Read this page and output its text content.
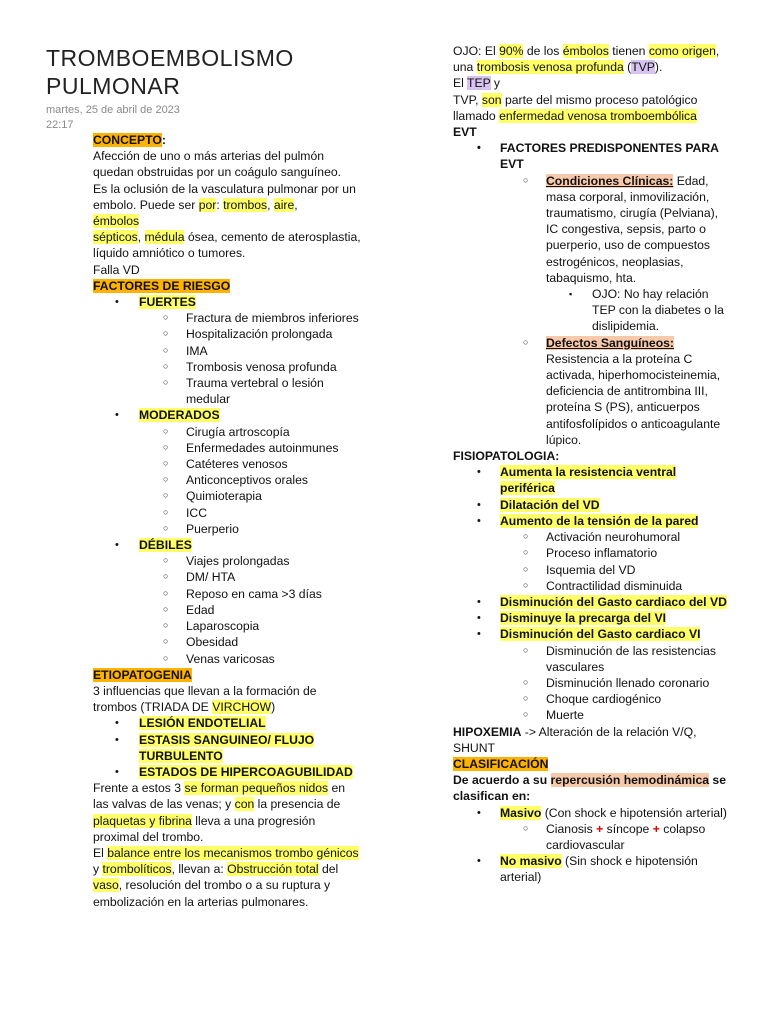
TROMBOEMBOLISMO PULMONAR
martes, 25 de abril de 2023
22:17

CONCEPTO:

Afección de uno o más arterias del pulmón quedan obstruidas por un coágulo sanguíneo.

Es la oclusión de la vasculatura pulmonar por un embolo. Puede ser por: trombos, aire,
émbolos
sépticos, médula ósea, cemento de aterosplastia, líquido amniótico o tumores.

Falla VD

FACTORES DE RIESGO

• FUERTES
○ Fractura de miembros inferiores
○ Hospitalización prolongada
○ IMA
○ Trombosis venosa profunda
○ Trauma vertebral o lesión medular
• MODERADOS
○ Cirugía artroscopía
○ Enfermedades autoinmunes
○ Catéteres venosos
○ Anticonceptivos orales
○ Quimioterapia
○ ICC
○ Puerperio
• DÉBILES
○ Viajes prolongadas
○ DM/ HTA
○ Reposo en cama >3 días
○ Edad
○ Laparoscopia
○ Obesidad
○ Venas varicosas

ETIOPATOGENIA

3 influencias que llevan a la formación de trombos (TRIADA DE VIRCHOW)

• LESIÓN ENDOTELIAL
• ESTASIS SANGUINEO/ FLUJO TURBULENTO
• ESTADOS DE HIPERCOAGUBILIDAD

Frente a estos 3 se forman pequeños nidos en las valvas de las venas; y con la presencia de plaquetas y fibrina lleva a una progresión proximal del trombo.

El balance entre los mecanismos trombo génicos y trombolíticos, llevan a: Obstrucción total del
vaso, resolución del trombo o a su ruptura y embolización en la arterias pulmonares.

OJO: El 90% de los émbolos tienen como origen, una trombosis venosa profunda (TVP).

El TEP y

TVP, son parte del mismo proceso patológico llamado enfermedad venosa tromboembólica

EVT

• FACTORES PREDISPONENTES PARA EVT
○ Condiciones Clínicas: Edad, masa corporal, inmovilización, traumatismo, cirugía (Pelviana), IC congestiva, sepsis, parto o puerperio, uso de compuestos estrogénicos, neoplasias, tabaquismo, hta.
▪ OJO: No hay relación TEP con la diabetes o la dislipidemia.
○ Defectos Sanguíneos:
Resistencia a la proteína C activada, hiperhomocisteinemia, deficiencia de antitrombina III, proteína S (PS), anticuerpos antifosfolípidos o anticoagulante lúpico.

FISIOPATOLOGIA:

• Aumenta la resistencia ventral periférica
• Dilatación del VD
• Aumento de la tensión de la pared
○ Activación neurohumoral
○ Proceso inflamatorio
○ Isquemia del VD
○ Contractilidad disminuida
• Disminución del Gasto cardiaco del VD
• Disminuye la precarga del VI
• Disminución del Gasto cardiaco VI
○ Disminución de las resistencias vasculares
○ Disminución llenado coronario
○ Choque cardiogénico
○ Muerte

HIPOXEMIA -> Alteración de la relación V/Q, SHUNT

CLASIFICACIÓN

De acuerdo a su repercusión hemodinámica se clasifican en:

• Masivo (Con shock e hipotensión arterial)
○ Cianosis + síncope + colapso cardiovascular
• No masivo (Sin shock e hipotensión arterial)
